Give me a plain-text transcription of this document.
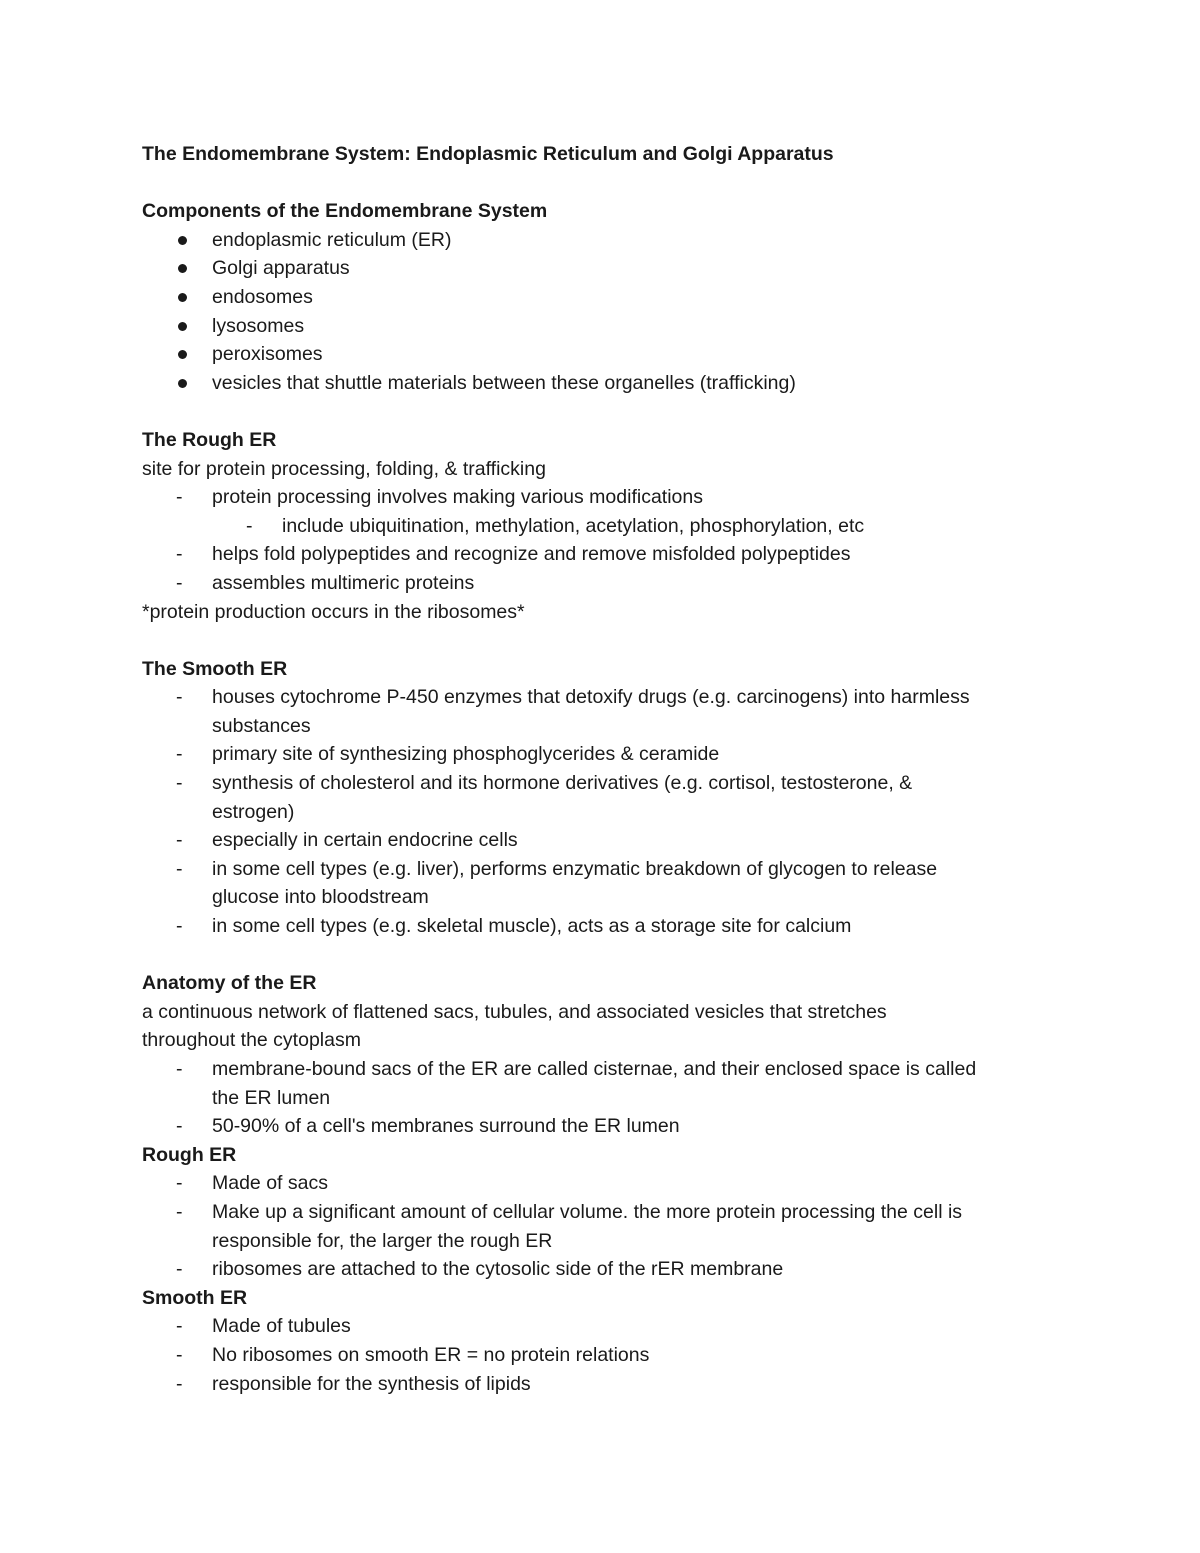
The Endomembrane System: Endoplasmic Reticulum and Golgi Apparatus
Components of the Endomembrane System
endoplasmic reticulum (ER)
Golgi apparatus
endosomes
lysosomes
peroxisomes
vesicles that shuttle materials between these organelles (trafficking)
The Rough ER
site for protein processing, folding, & trafficking
- protein processing involves making various modifications
- include ubiquitination, methylation, acetylation, phosphorylation, etc
- helps fold polypeptides and recognize and remove misfolded polypeptides
- assembles multimeric proteins
*protein production occurs in the ribosomes*
The Smooth ER
- houses cytochrome P-450 enzymes that detoxify drugs (e.g. carcinogens) into harmless
substances
- primary site of synthesizing phosphoglycerides & ceramide
- synthesis of cholesterol and its hormone derivatives (e.g. cortisol, testosterone, &
estrogen)
- especially in certain endocrine cells
- in some cell types (e.g. liver), performs enzymatic breakdown of glycogen to release
glucose into bloodstream
- in some cell types (e.g. skeletal muscle), acts as a storage site for calcium
Anatomy of the ER
a continuous network of flattened sacs, tubules, and associated vesicles that stretches
throughout the cytoplasm
- membrane-bound sacs of the ER are called cisternae, and their enclosed space is called
the ER lumen
- 50-90% of a cell's membranes surround the ER lumen
Rough ER
- Made of sacs
- Make up a significant amount of cellular volume. the more protein processing the cell is
responsible for, the larger the rough ER
- ribosomes are attached to the cytosolic side of the rER membrane
Smooth ER
- Made of tubules
- No ribosomes on smooth ER = no protein relations
- responsible for the synthesis of lipids
